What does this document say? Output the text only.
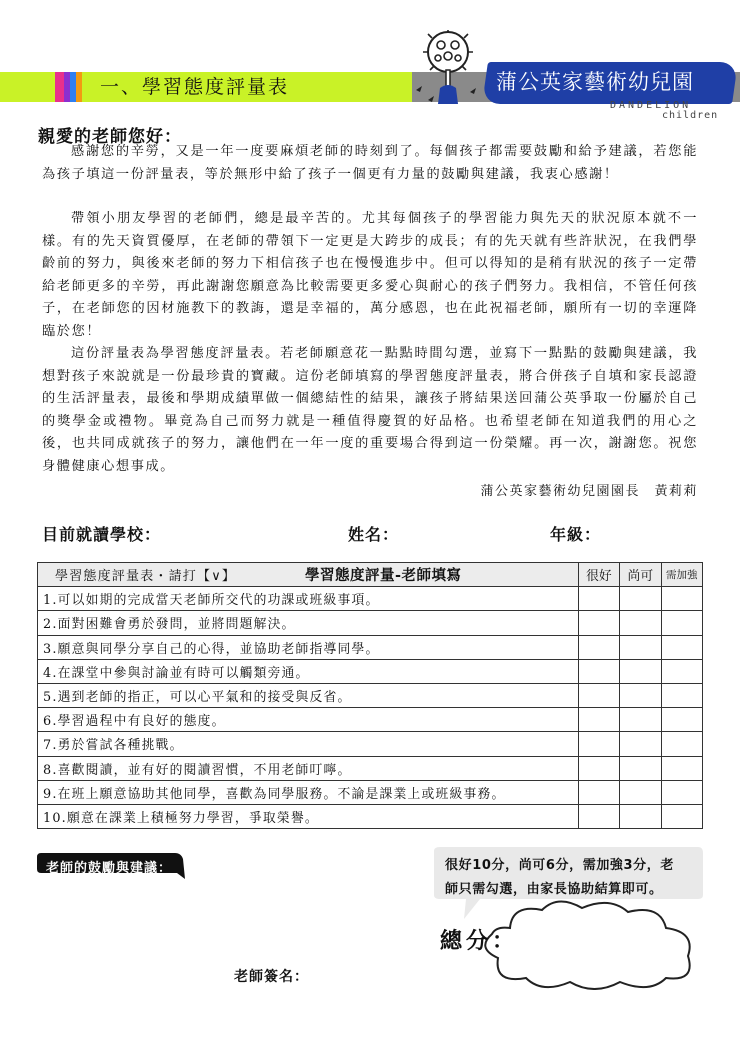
一、學習態度評量表	蒲公英家藝術幼兒園
DANDELION
children
親愛的老師您好：

感謝您的辛勞，又是一年一度要麻煩老師的時刻到了。每個孩子都需要鼓勵和給予建議，若您能為孩子填這一份評量表，等於無形中給了孩子一個更有力量的鼓勵與建議，我衷心感謝！

帶領小朋友學習的老師們，總是最辛苦的。尤其每個孩子的學習能力與先天的狀況原本就不一樣。有的先天資質優厚，在老師的帶領下一定更是大跨步的成長；有的先天就有些許狀況，在我們學齡前的努力，與後來老師的努力下相信孩子也在慢慢進步中。但可以得知的是稍有狀況的孩子一定帶給老師更多的辛勞，再此謝謝您願意為比較需要更多愛心與耐心的孩子們努力。我相信，不管任何孩子，在老師您的因材施教下的教誨，還是幸福的，萬分感恩，也在此祝福老師，願所有一切的幸運降臨於您！

這份評量表為學習態度評量表。若老師願意花一點點時間勾選，並寫下一點點的鼓勵與建議，我想對孩子來說就是一份最珍貴的寶藏。這份老師填寫的學習態度評量表，將合併孩子自填和家長認證的生活評量表，最後和學期成績單做一個總結性的結果，讓孩子將結果送回蒲公英爭取一份屬於自己的獎學金或禮物。畢竟為自己而努力就是一種值得慶賀的好品格。也希望老師在知道我們的用心之後，也共同成就孩子的努力，讓他們在一年一度的重要場合得到這一份榮耀。再一次，謝謝您。祝您身體健康心想事成。

蒲公英家藝術幼兒園園長　黃莉莉
目前就讀學校：	姓名：	年級：
學習態度評量表・請打【∨】 學習態度評量-老師填寫	很好	尚可	需加強
1.可以如期的完成當天老師所交代的功課或班級事項。			
2.面對困難會勇於發問，並將問題解決。			
3.願意與同學分享自己的心得，並協助老師指導同學。			
4.在課堂中參與討論並有時可以觸類旁通。			
5.遇到老師的指正，可以心平氣和的接受與反省。			
6.學習過程中有良好的態度。			
7.勇於嘗試各種挑戰。			
8.喜歡閱讀，並有好的閱讀習慣，不用老師叮嚀。			
9.在班上願意協助其他同學，喜歡為同學服務。不論是課業上或班級事務。			
10.願意在課業上積極努力學習，爭取榮譽。			
老師的鼓勵與建議：	很好10分，尚可6分，需加強3分，老
師只需勾選，由家長協助結算即可。
總分：
老師簽名：
